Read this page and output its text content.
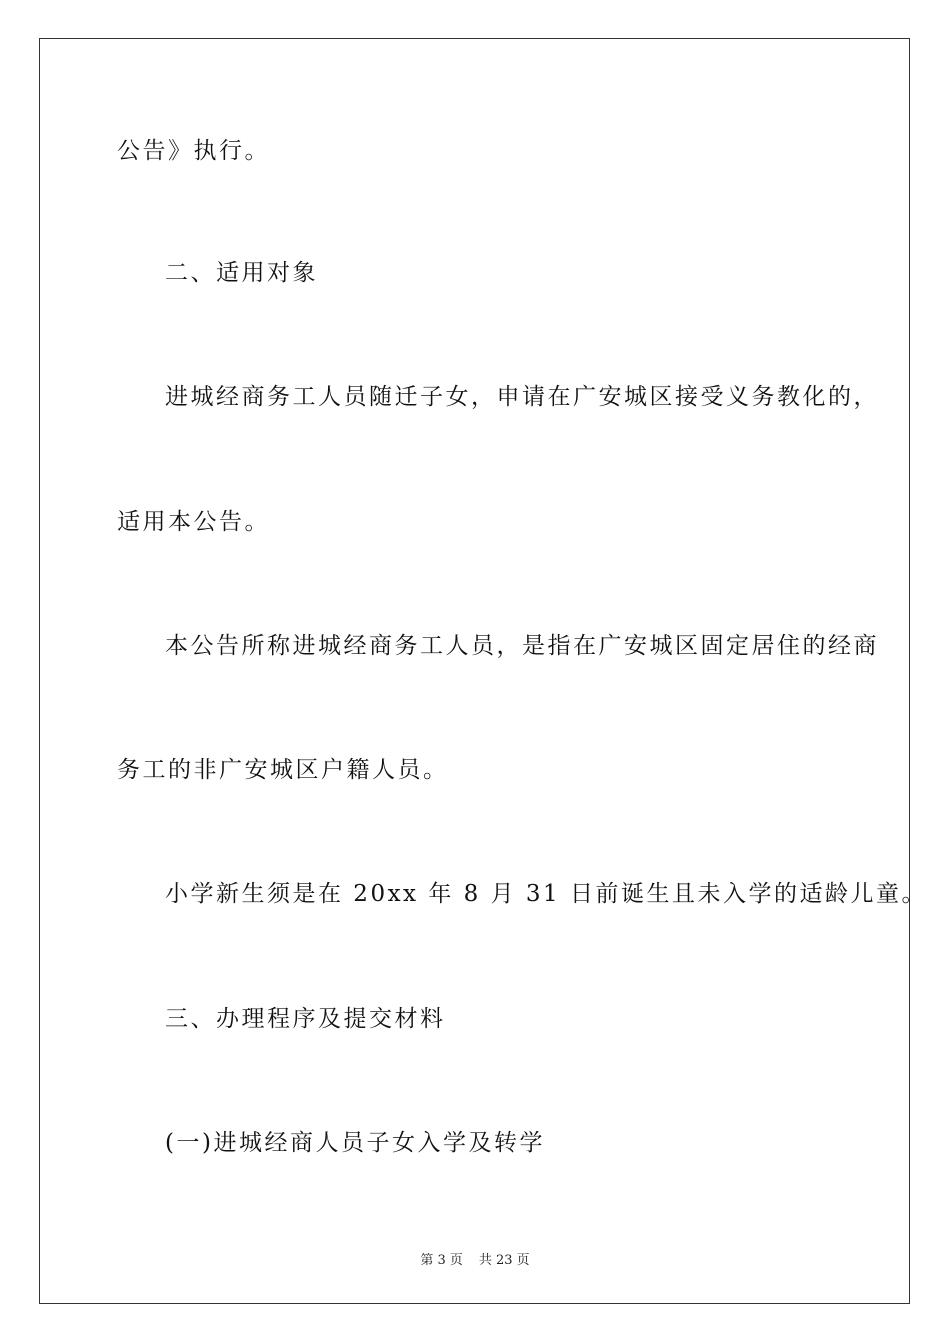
公告》执行。
二、适用对象
进城经商务工人员随迁子女，申请在广安城区接受义务教化的，
适用本公告。
本公告所称进城经商务工人员，是指在广安城区固定居住的经商
务工的非广安城区户籍人员。
小学新生须是在 20xx 年 8 月 31 日前诞生且未入学的适龄儿童。
三、办理程序及提交材料
(一)进城经商人员子女入学及转学
第 3 页 共 23 页
